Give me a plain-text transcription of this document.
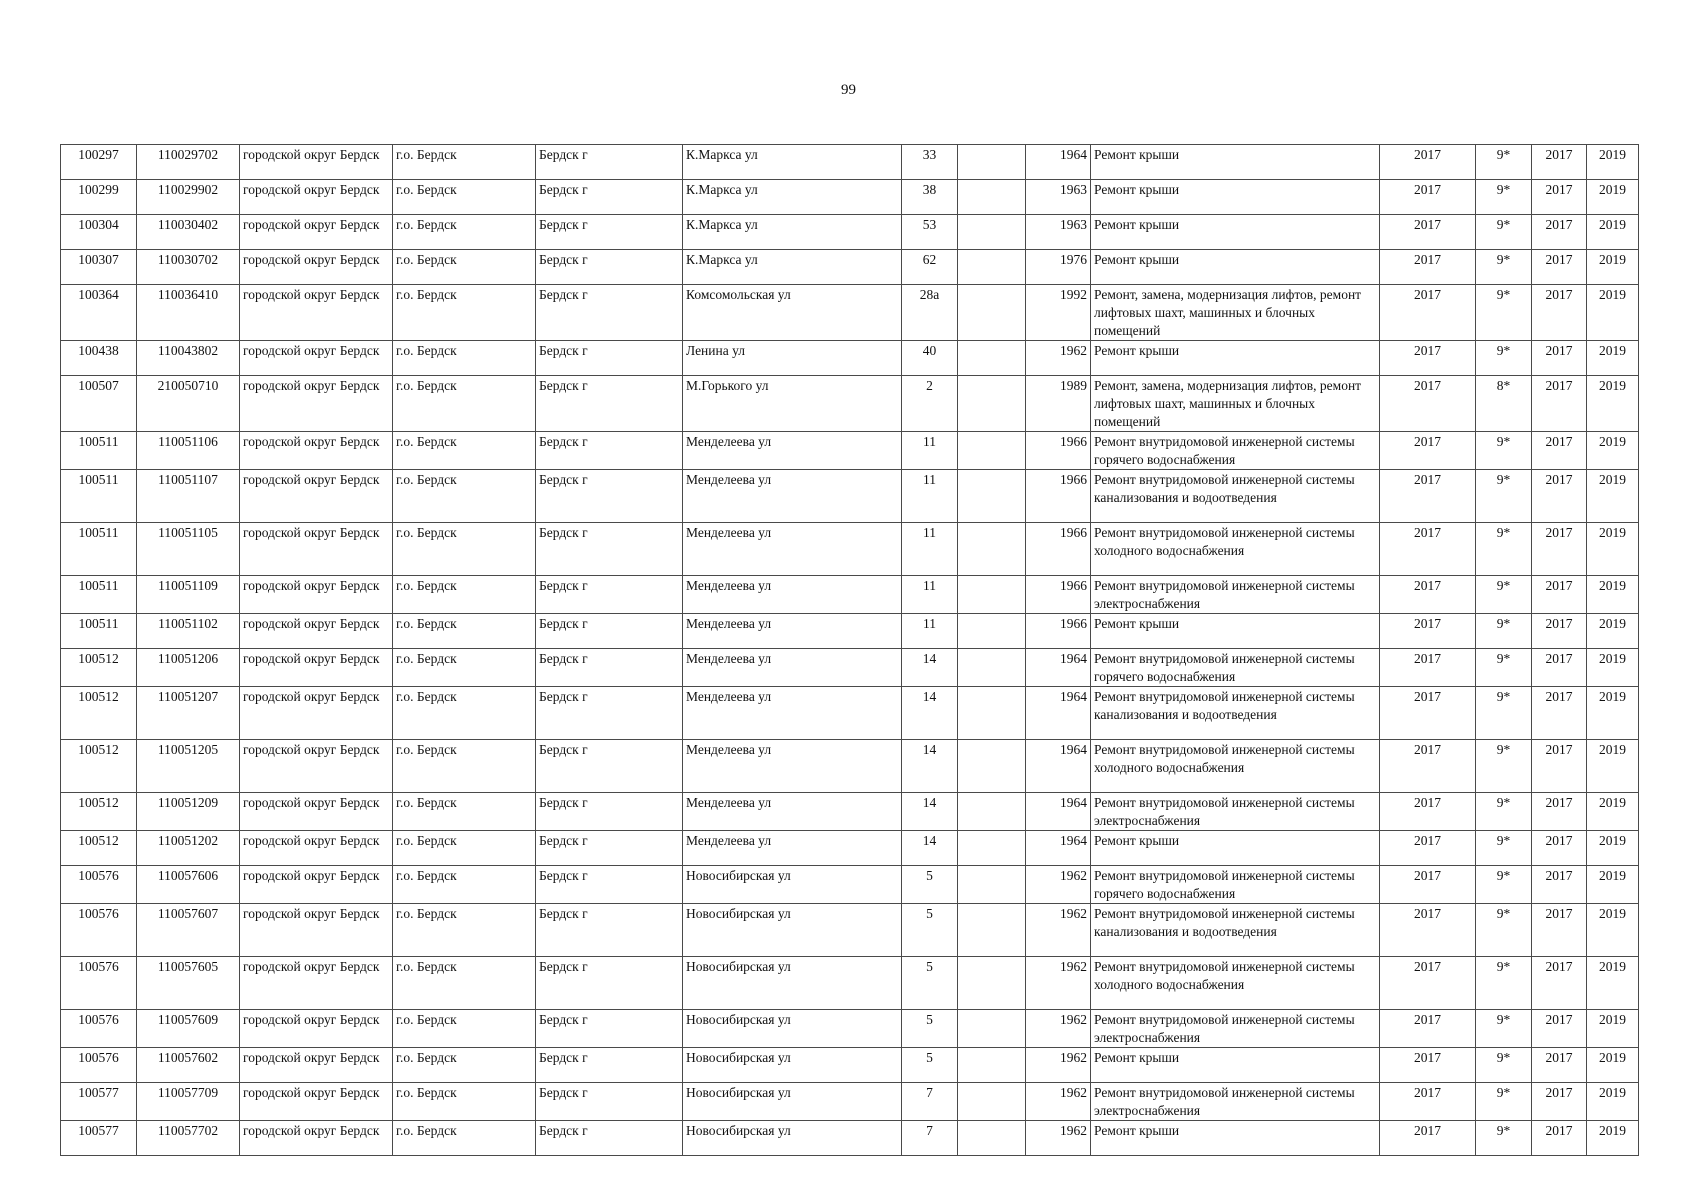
99
100297	110029702	городской округ Бердск	г.о. Бердск	Бердск г	К.Маркса ул	33		1964	Ремонт крыши	2017	9*	2017	2019
100299	110029902	городской округ Бердск	г.о. Бердск	Бердск г	К.Маркса ул	38		1963	Ремонт крыши	2017	9*	2017	2019
100304	110030402	городской округ Бердск	г.о. Бердск	Бердск г	К.Маркса ул	53		1963	Ремонт крыши	2017	9*	2017	2019
100307	110030702	городской округ Бердск	г.о. Бердск	Бердск г	К.Маркса ул	62		1976	Ремонт крыши	2017	9*	2017	2019
100364	110036410	городской округ Бердск	г.о. Бердск	Бердск г	Комсомольская ул	28а		1992	Ремонт, замена, модернизация лифтов, ремонт лифтовых шахт, машинных и блочных помещений	2017	9*	2017	2019
100438	110043802	городской округ Бердск	г.о. Бердск	Бердск г	Ленина ул	40		1962	Ремонт крыши	2017	9*	2017	2019
100507	210050710	городской округ Бердск	г.о. Бердск	Бердск г	М.Горького ул	2		1989	Ремонт, замена, модернизация лифтов, ремонт лифтовых шахт, машинных и блочных помещений	2017	8*	2017	2019
100511	110051106	городской округ Бердск	г.о. Бердск	Бердск г	Менделеева ул	11		1966	Ремонт внутридомовой инженерной системы горячего водоснабжения	2017	9*	2017	2019
100511	110051107	городской округ Бердск	г.о. Бердск	Бердск г	Менделеева ул	11		1966	Ремонт внутридомовой инженерной системы канализования и водоотведения	2017	9*	2017	2019
100511	110051105	городской округ Бердск	г.о. Бердск	Бердск г	Менделеева ул	11		1966	Ремонт внутридомовой инженерной системы холодного водоснабжения	2017	9*	2017	2019
100511	110051109	городской округ Бердск	г.о. Бердск	Бердск г	Менделеева ул	11		1966	Ремонт внутридомовой инженерной системы электроснабжения	2017	9*	2017	2019
100511	110051102	городской округ Бердск	г.о. Бердск	Бердск г	Менделеева ул	11		1966	Ремонт крыши	2017	9*	2017	2019
100512	110051206	городской округ Бердск	г.о. Бердск	Бердск г	Менделеева ул	14		1964	Ремонт внутридомовой инженерной системы горячего водоснабжения	2017	9*	2017	2019
100512	110051207	городской округ Бердск	г.о. Бердск	Бердск г	Менделеева ул	14		1964	Ремонт внутридомовой инженерной системы канализования и водоотведения	2017	9*	2017	2019
100512	110051205	городской округ Бердск	г.о. Бердск	Бердск г	Менделеева ул	14		1964	Ремонт внутридомовой инженерной системы холодного водоснабжения	2017	9*	2017	2019
100512	110051209	городской округ Бердск	г.о. Бердск	Бердск г	Менделеева ул	14		1964	Ремонт внутридомовой инженерной системы электроснабжения	2017	9*	2017	2019
100512	110051202	городской округ Бердск	г.о. Бердск	Бердск г	Менделеева ул	14		1964	Ремонт крыши	2017	9*	2017	2019
100576	110057606	городской округ Бердск	г.о. Бердск	Бердск г	Новосибирская ул	5		1962	Ремонт внутридомовой инженерной системы горячего водоснабжения	2017	9*	2017	2019
100576	110057607	городской округ Бердск	г.о. Бердск	Бердск г	Новосибирская ул	5		1962	Ремонт внутридомовой инженерной системы канализования и водоотведения	2017	9*	2017	2019
100576	110057605	городской округ Бердск	г.о. Бердск	Бердск г	Новосибирская ул	5		1962	Ремонт внутридомовой инженерной системы холодного водоснабжения	2017	9*	2017	2019
100576	110057609	городской округ Бердск	г.о. Бердск	Бердск г	Новосибирская ул	5		1962	Ремонт внутридомовой инженерной системы электроснабжения	2017	9*	2017	2019
100576	110057602	городской округ Бердск	г.о. Бердск	Бердск г	Новосибирская ул	5		1962	Ремонт крыши	2017	9*	2017	2019
100577	110057709	городской округ Бердск	г.о. Бердск	Бердск г	Новосибирская ул	7		1962	Ремонт внутридомовой инженерной системы электроснабжения	2017	9*	2017	2019
100577	110057702	городской округ Бердск	г.о. Бердск	Бердск г	Новосибирская ул	7		1962	Ремонт крыши	2017	9*	2017	2019
